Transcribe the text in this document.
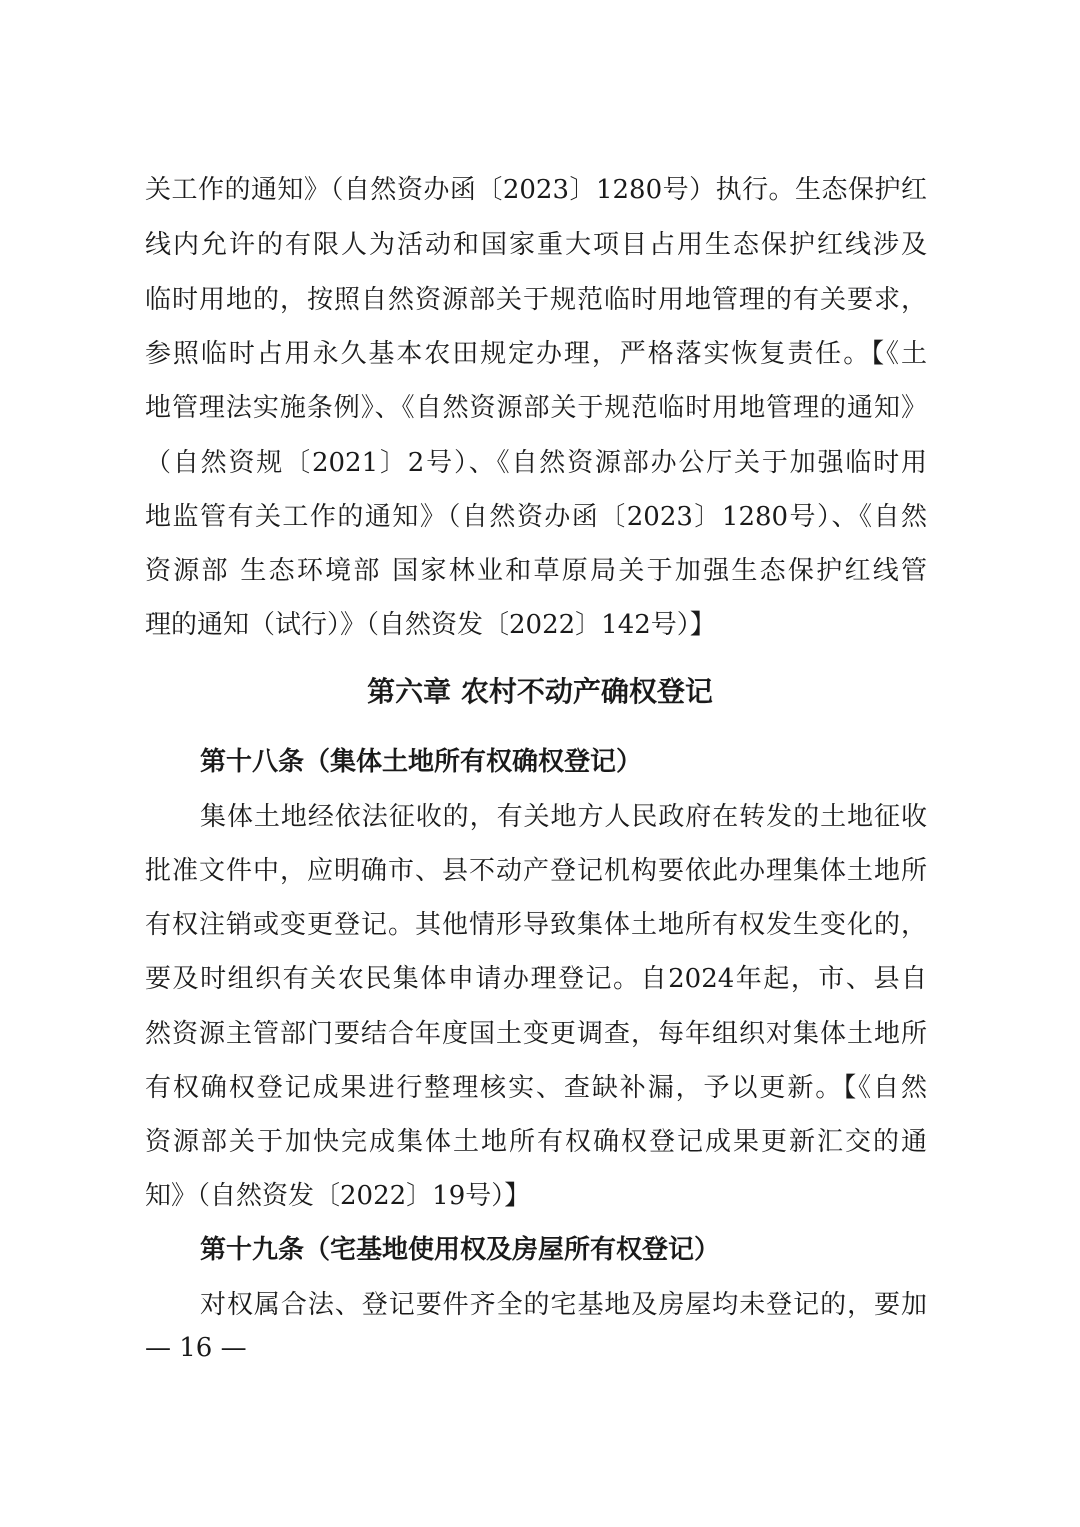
关工作的通知》（自然资办函〔2023〕1280号）执行。生态保护红
线内允许的有限人为活动和国家重大项目占用生态保护红线涉及
临时用地的，按照自然资源部关于规范临时用地管理的有关要求，
参照临时占用永久基本农田规定办理，严格落实恢复责任。【《土
地管理法实施条例》、《自然资源部关于规范临时用地管理的通知》
（自然资规〔2021〕2号）、《自然资源部办公厅关于加强临时用
地监管有关工作的通知》（自然资办函〔2023〕1280号）、《自然
资源部 生态环境部 国家林业和草原局关于加强生态保护红线管
理的通知（试行）》（自然资发〔2022〕142号）】
第六章 农村不动产确权登记
第十八条（集体土地所有权确权登记）
集体土地经依法征收的，有关地方人民政府在转发的土地征收
批准文件中，应明确市、县不动产登记机构要依此办理集体土地所
有权注销或变更登记。其他情形导致集体土地所有权发生变化的，
要及时组织有关农民集体申请办理登记。自2024年起，市、县自
然资源主管部门要结合年度国土变更调查，每年组织对集体土地所
有权确权登记成果进行整理核实、查缺补漏，予以更新。【《自然
资源部关于加快完成集体土地所有权确权登记成果更新汇交的通
知》（自然资发〔2022〕19号）】
第十九条（宅基地使用权及房屋所有权登记）
对权属合法、登记要件齐全的宅基地及房屋均未登记的，要加
— 16 —
